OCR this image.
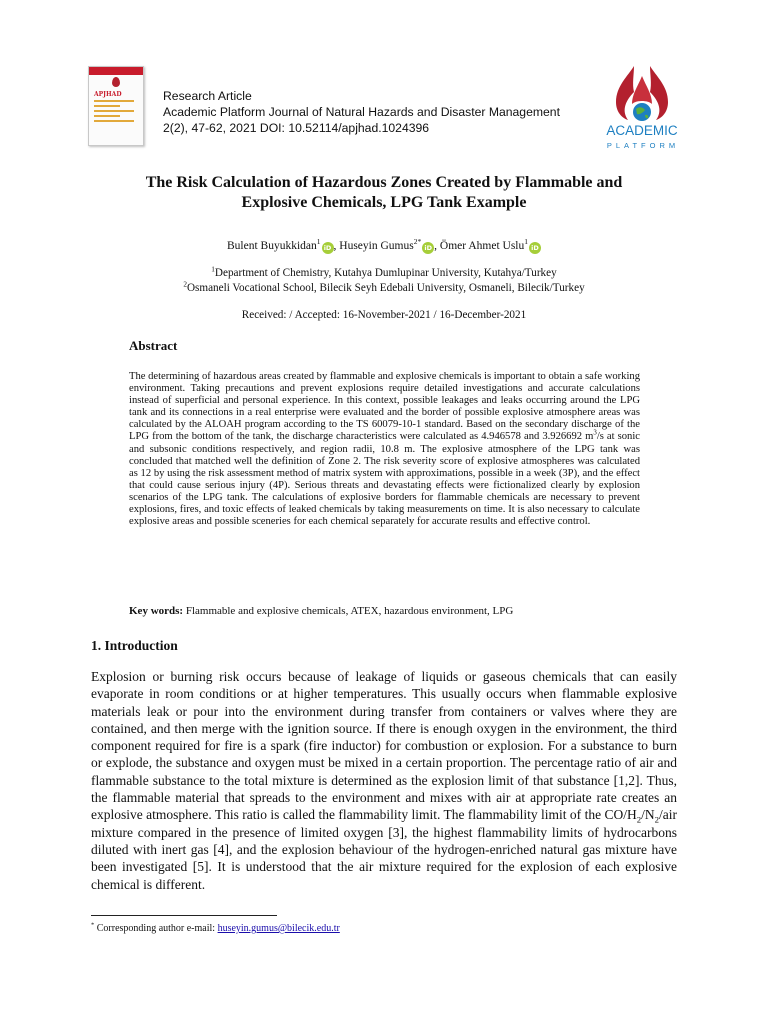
APJHAD	Research Article
Academic Platform Journal of Natural Hazards and Disaster Management
2(2), 47-62, 2021 DOI: 10.52114/apjhad.1024396	ACADEMIC
PLATFORM
The Risk Calculation of Hazardous Zones Created by Flammable and
Explosive Chemicals, LPG Tank Example
Bulent Buyukkidan$^1$iD , Huseyin Gumus$^{2*}$iD , Ömer Ahmet Uslu$^1$iD
$^1$Department of Chemistry, Kutahya Dumlupinar University, Kutahya/Turkey
$^2$Osmaneli Vocational School, Bilecik Seyh Edebali University, Osmaneli, Bilecik/Turkey
Received: / Accepted: 16-November-2021 / 16-December-2021
Abstract
The determining of hazardous areas created by flammable and explosive chemicals is important to obtain a safe working environment. Taking precautions and prevent explosions require detailed investigations and accurate calculations instead of superficial and personal experience. In this context, possible leakages and leaks occurring around the LPG tank and its connections in a real enterprise were evaluated and the border of possible explosive atmosphere areas was calculated by the ALOAH program according to the TS 60079-10-1 standard. Based on the secondary discharge of the LPG from the bottom of the tank, the discharge characteristics were calculated as 4.946578 and 3.926692 $m^3/s$ at sonic and subsonic conditions respectively, and region radii, 10.8 m. The explosive atmosphere of the LPG tank was concluded that matched well the definition of Zone 2. The risk severity score of explosive atmospheres was calculated as 12 by using the risk assessment method of matrix system with approximations, possible in a week (3P), and the effect that could cause serious injury (4P). Serious threats and devastating effects were fictionalized clearly by explosion scenarios of the LPG tank. The calculations of explosive borders for flammable chemicals are necessary to prevent explosions, fires, and toxic effects of leaked chemicals by taking measurements on time. It is also necessary to calculate explosive areas and possible sceneries for each chemical separately for accurate results and effective control.
Key words: Flammable and explosive chemicals, ATEX, hazardous environment, LPG
1. Introduction
Explosion or burning risk occurs because of leakage of liquids or gaseous chemicals that can easily evaporate in room conditions or at higher temperatures. This usually occurs when flammable explosive materials leak or pour into the environment during transfer from containers or valves where they are contained, and then merge with the ignition source. If there is enough oxygen in the environment, the third component required for fire is a spark (fire inductor) for combustion or explosion. For a substance to burn or explode, the substance and oxygen must be mixed in a certain proportion. The percentage ratio of air and flammable substance to the total mixture is determined as the explosion limit of that substance [1,2]. Thus, the flammable material that spreads to the environment and mixes with air at appropriate rate creates an explosive atmosphere. This ratio is called the flammability limit. The flammability limit of the $CO/H_2/N_2$/air mixture compared in the presence of limited oxygen [3], the highest flammability limits of hydrocarbons diluted with inert gas [4], and the explosion behaviour of the hydrogen-enriched natural gas mixture have been investigated [5]. It is understood that the air mixture required for the explosion of each explosive chemical is different.
* Corresponding author e-mail: huseyin.gumus@bilecik.edu.tr
